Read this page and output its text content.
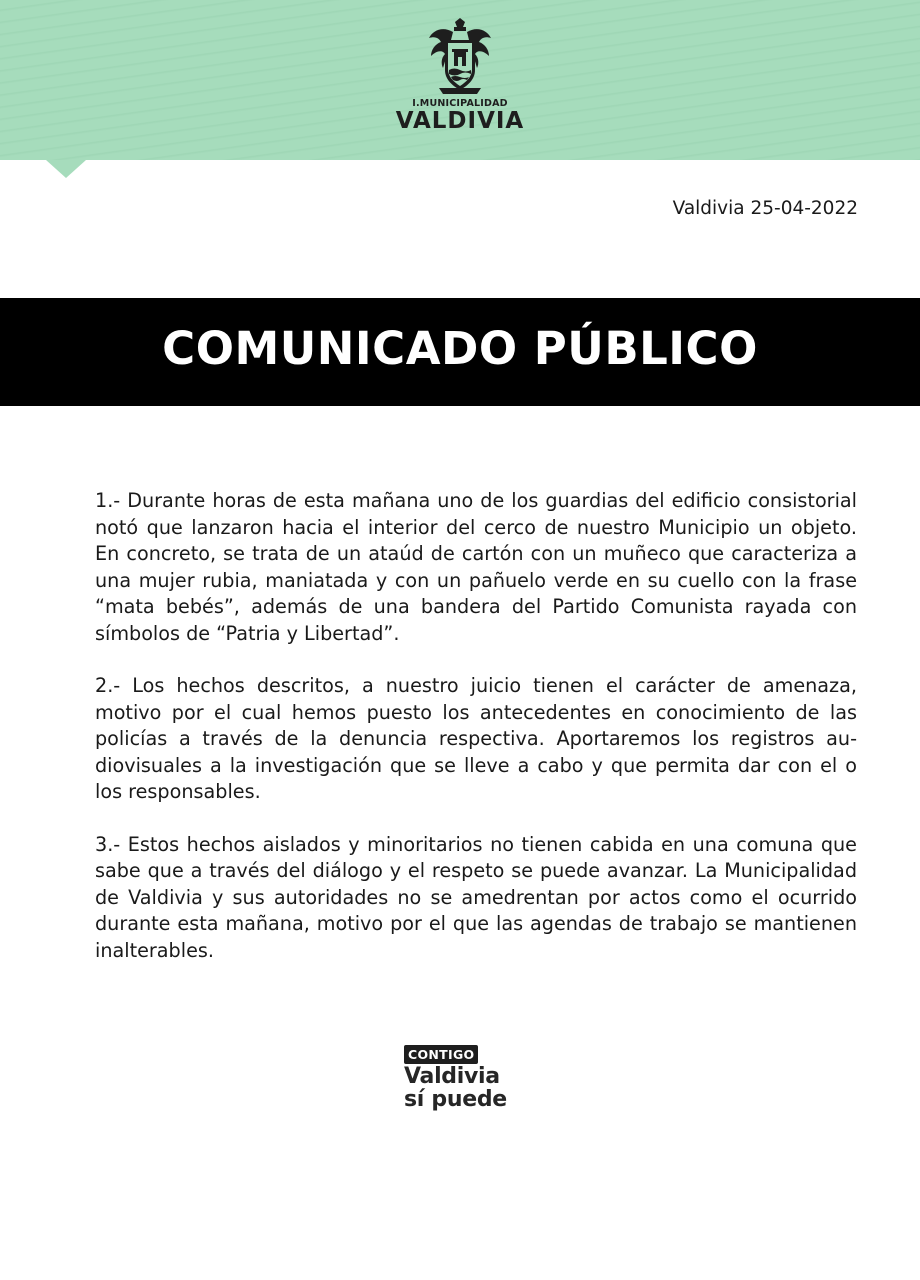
I.MUNICIPALIDAD
VALDIVIA
Valdivia 25-04-2022
COMUNICADO PÚBLICO

1.- Durante horas de esta mañana uno de los guardias del edificio consistorial notó que lanzaron hacia el interior del cerco de nuestro Municipio un objeto. En concreto, se trata de un ataúd de cartón con un muñeco que caracteriza a una mujer rubia, maniatada y con un pañuelo verde en su cuello con la frase “mata bebés”, además de una bandera del Partido Comunista rayada con símbolos de “Patria y Libertad”.

2.- Los hechos descritos, a nuestro juicio tienen el carácter de amenaza, motivo por el cual hemos puesto los antecedentes en conocimiento de las policías a través de la denuncia respectiva. Aportaremos los registros audiovisuales a la investigación que se lleve a cabo y que permita dar con el o los responsables.

3.- Estos hechos aislados y minoritarios no tienen cabida en una comuna que sabe que a través del diálogo y el respeto se puede avanzar. La Municipalidad de Valdivia y sus autoridades no se amedrentan por actos como el ocurrido durante esta mañana, motivo por el que las agendas de trabajo se mantienen inalterables.

CONTIGO
Valdivia
sí puede
